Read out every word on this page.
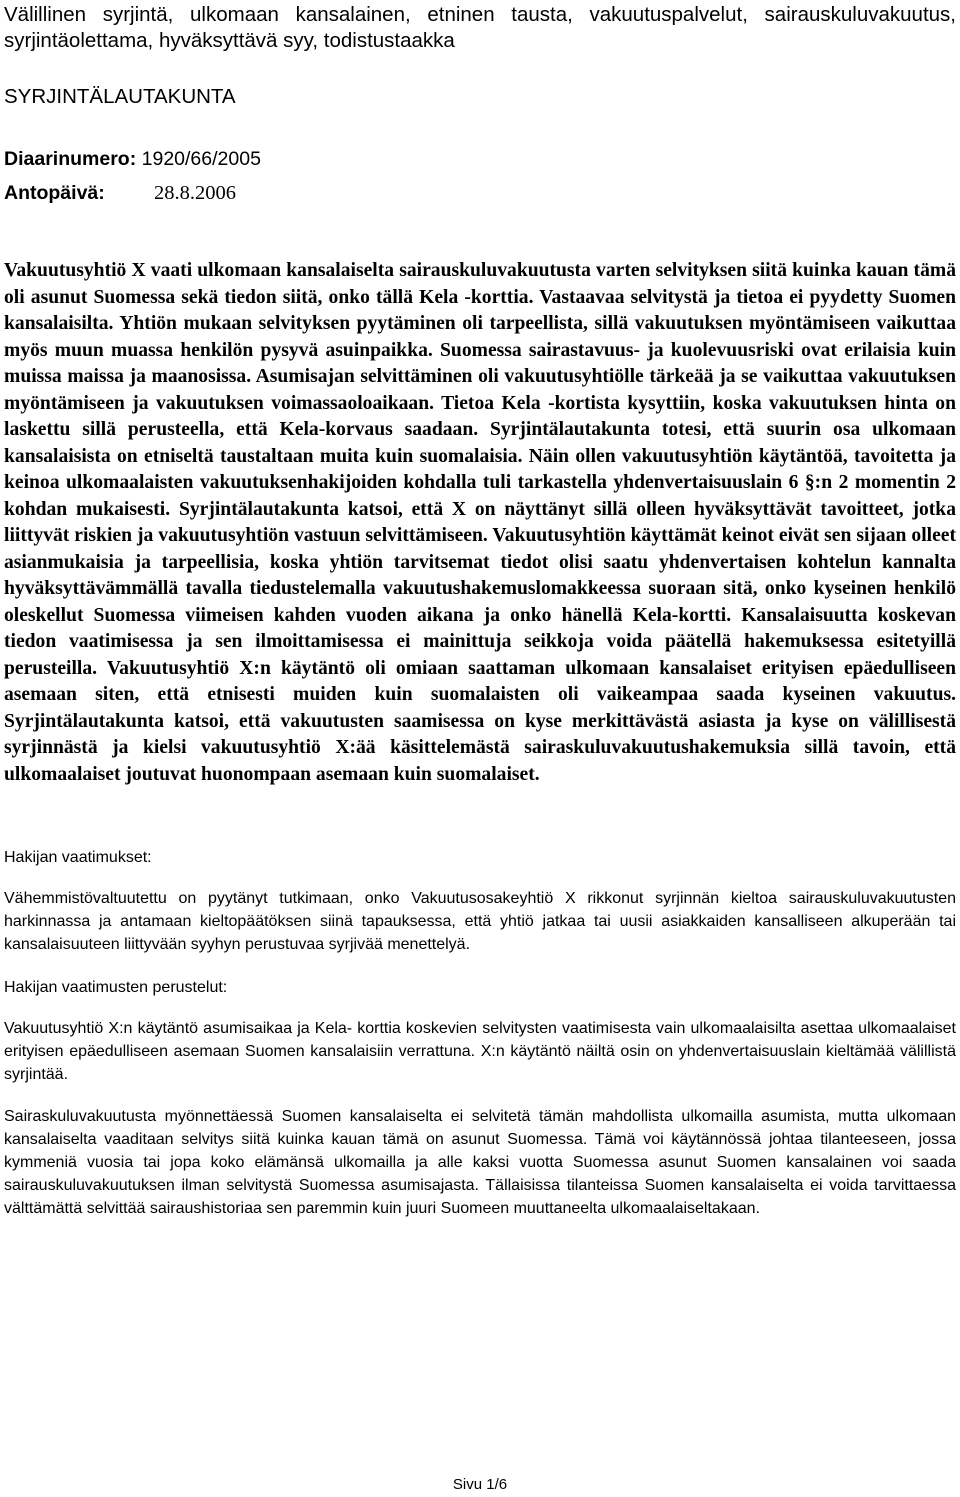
Välillinen syrjintä, ulkomaan kansalainen, etninen tausta, vakuutuspalvelut, sairauskuluvakuutus, syrjintäolettama, hyväksyttävä syy, todistustaakka

SYRJINTÄLAUTAKUNTA

Diaarinumero:
1920/66/2005
Antopäivä:	28.8.2006

Vakuutusyhtiö X vaati ulkomaan kansalaiselta sairauskuluvakuutusta varten selvityksen siitä kuinka kauan tämä oli asunut Suomessa sekä tiedon siitä, onko tällä Kela -korttia. Vastaavaa selvitystä ja tietoa ei pyydetty Suomen kansalaisilta. Yhtiön mukaan selvityksen pyytäminen oli tarpeellista, sillä vakuutuksen myöntämiseen vaikuttaa myös muun muassa henkilön pysyvä asuinpaikka. Suomessa sairastavuus- ja kuolevuusriski ovat erilaisia kuin muissa maissa ja maanosissa. Asumisajan selvittäminen oli vakuutusyhtiölle tärkeää ja se vaikuttaa vakuutuksen myöntämiseen ja vakuutuksen voimassaoloaikaan. Tietoa Kela -kortista kysyttiin, koska vakuutuksen hinta on laskettu sillä perusteella, että Kela-korvaus saadaan. Syrjintälautakunta totesi, että suurin osa ulkomaan kansalaisista on etniseltä taustaltaan muita kuin suomalaisia. Näin ollen vakuutusyhtiön käytäntöä, tavoitetta ja keinoa ulkomaalaisten vakuutuksenhakijoiden kohdalla tuli tarkastella yhdenvertaisuuslain 6 §:n 2 momentin 2 kohdan mukaisesti. Syrjintälautakunta katsoi, että X on näyttänyt sillä olleen hyväksyttävät tavoitteet, jotka liittyvät riskien ja vakuutusyhtiön vastuun selvittämiseen. Vakuutusyhtiön käyttämät keinot eivät sen sijaan olleet asianmukaisia ja tarpeellisia, koska yhtiön tarvitsemat tiedot olisi saatu yhdenvertaisen kohtelun kannalta hyväksyttävämmällä tavalla tiedustelemalla vakuutushakemuslomakkeessa suoraan sitä, onko kyseinen henkilö oleskellut Suomessa viimeisen kahden vuoden aikana ja onko hänellä Kela-kortti. Kansalaisuutta koskevan tiedon vaatimisessa ja sen ilmoittamisessa ei mainittuja seikkoja voida päätellä hakemuksessa esitetyillä perusteilla. Vakuutusyhtiö X:n käytäntö oli omiaan saattaman ulkomaan kansalaiset erityisen epäedulliseen asemaan siten, että etnisesti muiden kuin suomalaisten oli vaikeampaa saada kyseinen vakuutus. Syrjintälautakunta katsoi, että vakuutusten saamisessa on kyse merkittävästä asiasta ja kyse on välillisestä syrjinnästä ja kielsi vakuutusyhtiö X:ää käsittelemästä sairaskuluvakuutushakemuksia sillä tavoin, että ulkomaalaiset joutuvat huonompaan asemaan kuin suomalaiset.

Hakijan vaatimukset:

Vähemmistövaltuutettu on pyytänyt tutkimaan, onko Vakuutusosakeyhtiö X rikkonut syrjinnän kieltoa sairauskuluvakuutusten harkinnassa ja antamaan kieltopäätöksen siinä tapauksessa, että yhtiö jatkaa tai uusii asiakkaiden kansalliseen alkuperään tai kansalaisuuteen liittyvään syyhyn perustuvaa syrjivää menettelyä.

Hakijan vaatimusten perustelut:

Vakuutusyhtiö X:n käytäntö asumisaikaa ja Kela- korttia koskevien selvitysten vaatimisesta vain ulkomaalaisilta asettaa ulkomaalaiset erityisen epäedulliseen asemaan Suomen kansalaisiin verrattuna. X:n käytäntö näiltä osin on yhdenvertaisuuslain kieltämää välillistä syrjintää.

Sairaskuluvakuutusta myönnettäessä Suomen kansalaiselta ei selvitetä tämän mahdollista ulkomailla asumista, mutta ulkomaan kansalaiselta vaaditaan selvitys siitä kuinka kauan tämä on asunut Suomessa. Tämä voi käytännössä johtaa tilanteeseen, jossa kymmeniä vuosia tai jopa koko elämänsä ulkomailla ja alle kaksi vuotta Suomessa asunut Suomen kansalainen voi saada sairauskuluvakuutuksen ilman selvitystä Suomessa asumisajasta. Tällaisissa tilanteissa Suomen kansalaiselta ei voida tarvittaessa välttämättä selvittää sairaushistoriaa sen paremmin kuin juuri Suomeen muuttaneelta ulkomaalaiseltakaan.

Sivu 1/6
